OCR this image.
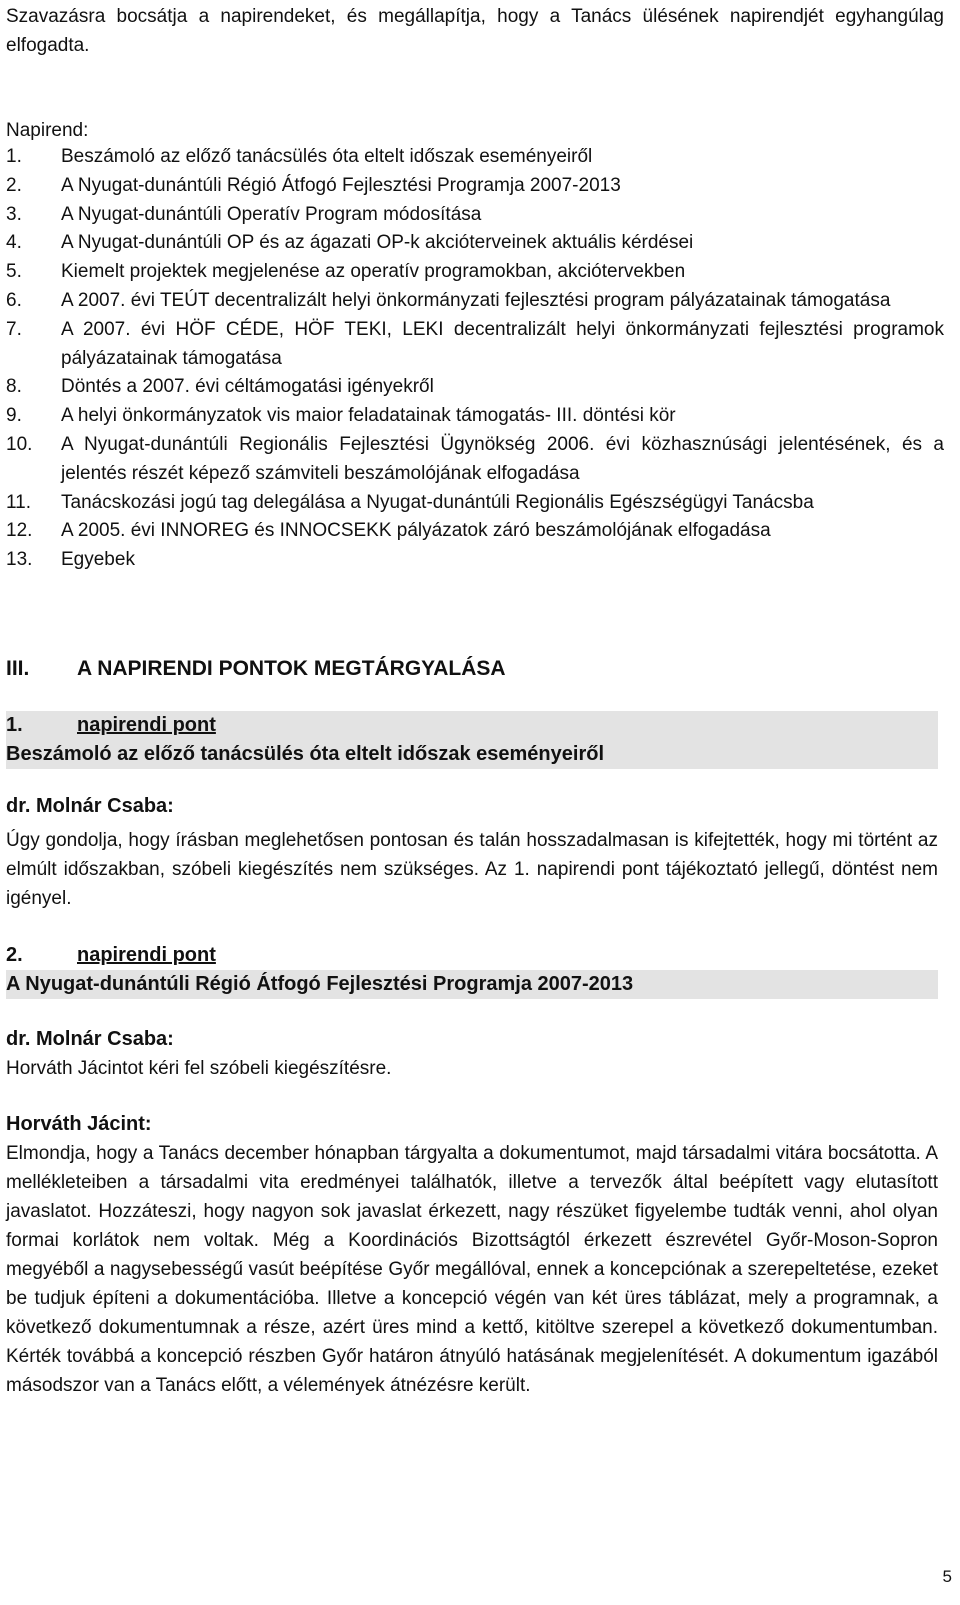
Szavazásra bocsátja a napirendeket, és megállapítja, hogy a Tanács ülésének napirendjét egyhangúlag elfogadta.

Napirend:
1.	Beszámoló az előző tanácsülés óta eltelt időszak eseményeiről
2.	A Nyugat-dunántúli Régió Átfogó Fejlesztési Programja 2007-2013
3.	A Nyugat-dunántúli Operatív Program módosítása
4.	A Nyugat-dunántúli OP és az ágazati OP-k akcióterveinek aktuális kérdései
5.	Kiemelt projektek megjelenése az operatív programokban, akciótervekben
6.	A 2007. évi TEÚT decentralizált helyi önkormányzati fejlesztési program pályázatainak támogatása
7.	A 2007. évi HÖF CÉDE, HÖF TEKI, LEKI decentralizált helyi önkormányzati fejlesztési programok pályázatainak támogatása
8.	Döntés a 2007. évi céltámogatási igényekről
9.	A helyi önkormányzatok vis maior feladatainak támogatás- III. döntési kör
10.	A Nyugat-dunántúli Regionális Fejlesztési Ügynökség 2006. évi közhasznúsági jelentésének, és a jelentés részét képező számviteli beszámolójának elfogadása
11.	Tanácskozási jogú tag delegálása a Nyugat-dunántúli Regionális Egészségügyi Tanácsba
12.	A 2005. évi INNOREG és INNOCSEKK pályázatok záró beszámolójának elfogadása
13.	Egyebek
III.	A NAPIRENDI PONTOK MEGTÁRGYALÁSA
1.	napirendi pont
Beszámoló az előző tanácsülés óta eltelt időszak eseményeiről
dr. Molnár Csaba:

Úgy gondolja, hogy írásban meglehetősen pontosan és talán hosszadalmasan is kifejtették, hogy mi történt az elmúlt időszakban, szóbeli kiegészítés nem szükséges. Az 1. napirendi pont tájékoztató jellegű, döntést nem igényel.

2.	napirendi pont
A Nyugat-dunántúli Régió Átfogó Fejlesztési Programja 2007-2013
dr. Molnár Csaba:

Horváth Jácintot kéri fel szóbeli kiegészítésre.

Horváth Jácint:

Elmondja, hogy a Tanács december hónapban tárgyalta a dokumentumot, majd társadalmi vitára bocsátotta. A mellékleteiben a társadalmi vita eredményei találhatók, illetve a tervezők által beépített vagy elutasított javaslatot. Hozzáteszi, hogy nagyon sok javaslat érkezett, nagy részüket figyelembe tudták venni, ahol olyan formai korlátok nem voltak. Még a Koordinációs Bizottságtól érkezett észrevétel Győr-Moson-Sopron megyéből a nagysebességű vasút beépítése Győr megállóval, ennek a koncepciónak a szerepeltetése, ezeket be tudjuk építeni a dokumentációba. Illetve a koncepció végén van két üres táblázat, mely a programnak, a következő dokumentumnak a része, azért üres mind a kettő, kitöltve szerepel a következő dokumentumban. Kérték továbbá a koncepció részben Győr határon átnyúló hatásának megjelenítését. A dokumentum igazából másodszor van a Tanács előtt, a vélemények átnézésre került.

5
